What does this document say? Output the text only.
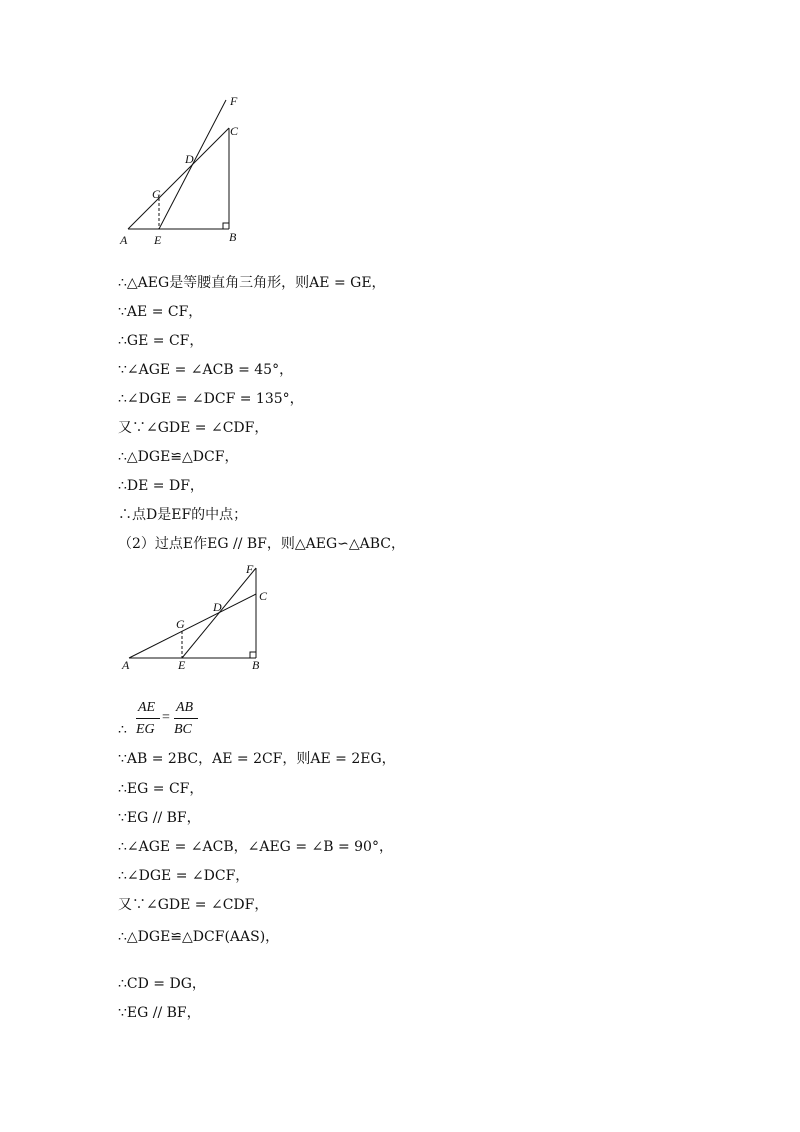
A E	B
C
F
D
G
∴△AEG是等腰直角三角形，则AE = GE，
∵AE = CF，
∴GE = CF，
∵∠AGE = ∠ACB = 45°，
∴∠DGE = ∠DCF = 135°，
又∵∠GDE = ∠CDF，
∴△DGE≌△DCF，
∴DE = DF，
∴点D是EF的中点；
（2）过点E作EG // BF，则△AEG∽△ABC，
A	E	B
C
F
D
G
∴
AE
EG
=
AB
BC
∵AB = 2BC，AE = 2CF，则AE = 2EG，
∴EG = CF，
∵EG // BF，
∴∠AGE = ∠ACB，∠AEG = ∠B = 90°，
∴∠DGE = ∠DCF，
又∵∠GDE = ∠CDF，
∴△DGE≌△DCF(AAS)，
∴CD = DG，
∵EG // BF，
